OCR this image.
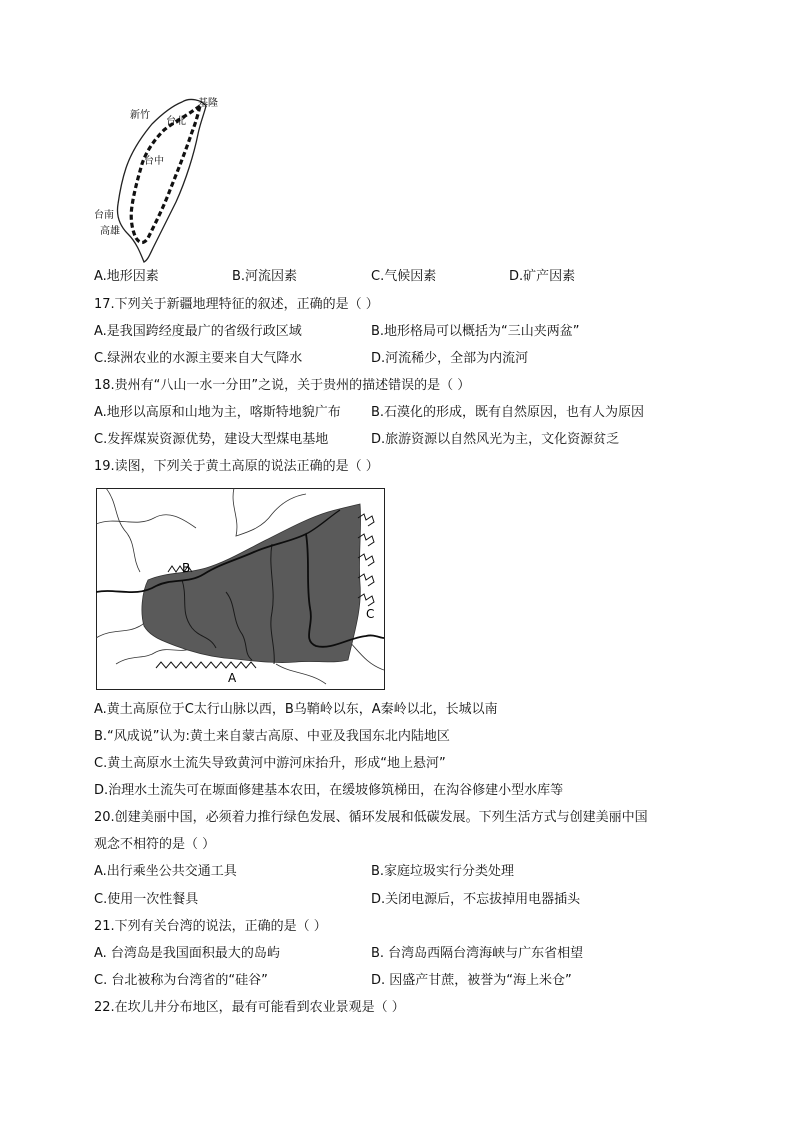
基隆
新竹
台北
台中
台南
高雄
A.地形因素	B.河流因素	C.气候因素	D.矿产因素
17.下列关于新疆地理特征的叙述，正确的是（ ）
A.是我国跨经度最广的省级行政区域	B.地形格局可以概括为“三山夹两盆”
C.绿洲农业的水源主要来自大气降水	D.河流稀少，全部为内流河
18.贵州有“八山一水一分田”之说，关于贵州的描述错误的是（ ）
A.地形以高原和山地为主，喀斯特地貌广布 B.石漠化的形成，既有自然原因，也有人为原因
C.发挥煤炭资源优势，建设大型煤电基地	D.旅游资源以自然风光为主，文化资源贫乏
19.读图，下列关于黄土高原的说法正确的是（ ）
A
B
C
A.黄土高原位于C太行山脉以西，B乌鞘岭以东，A秦岭以北，长城以南
B.“风成说”认为:黄土来自蒙古高原、中亚及我国东北内陆地区
C.黄土高原水土流失导致黄河中游河床抬升，形成“地上悬河”
D.治理水土流失可在塬面修建基本农田，在缓坡修筑梯田，在沟谷修建小型水库等
20.创建美丽中国，必须着力推行绿色发展、循环发展和低碳发展。下列生活方式与创建美丽中国
观念不相符的是（ ）
A.出行乘坐公共交通工具	B.家庭垃圾实行分类处理
C.使用一次性餐具	D.关闭电源后，不忘拔掉用电器插头
21.下列有关台湾的说法，正确的是（ ）
A. 台湾岛是我国面积最大的岛屿	B. 台湾岛西隔台湾海峡与广东省相望
C. 台北被称为台湾省的“硅谷”	D. 因盛产甘蔗，被誉为“海上米仓”
22.在坎儿井分布地区，最有可能看到农业景观是（ ）
